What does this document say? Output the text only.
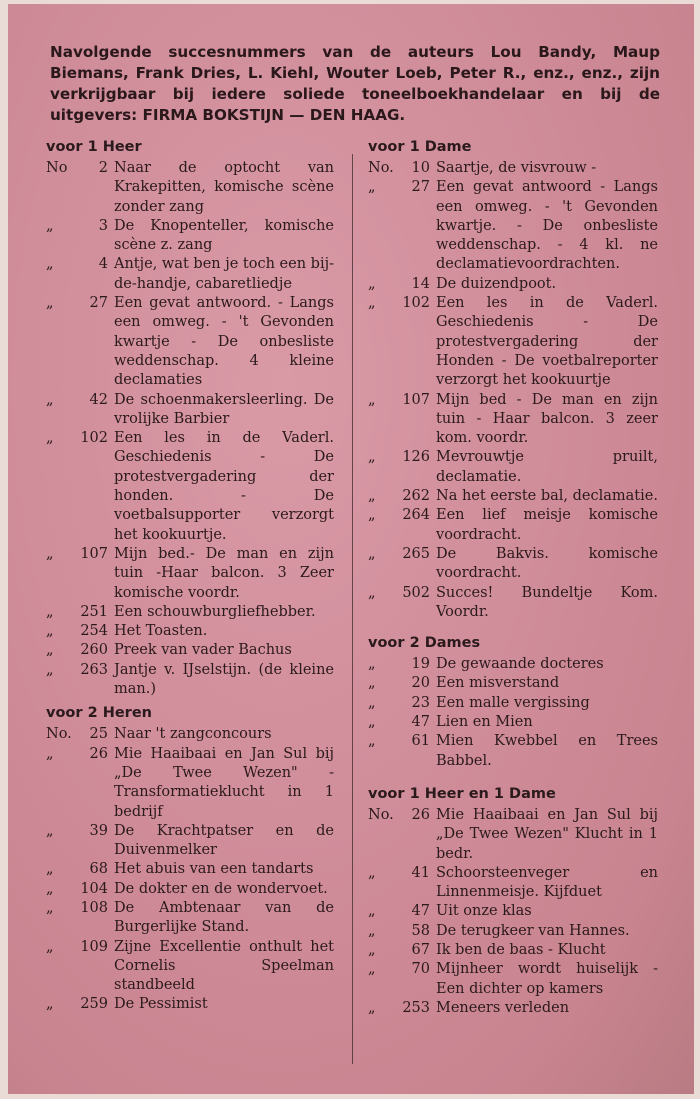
Navolgende succesnummers van de auteurs Lou Bandy, Maup Biemans, Frank Dries, L. Kiehl, Wouter Loeb, Peter R., enz., enz., zijn verkrijgbaar bij iedere soliede toneelboekhandelaar en bij de uitgevers: FIRMA BOKSTIJN — DEN HAAG.
voor 1 Heer
No	2 Naar de optocht van Krakepitten, komische scène zonder zang
„	3 De Knopenteller, komische scène z. zang
„	4 Antje, wat ben je toch een bij-de-handje, cabaretliedje
„	27 Een gevat antwoord. - Langs een omweg. - 't Gevonden kwartje - De onbesliste weddenschap. 4 kleine declamaties
„	42 De schoenmakersleerling. De vrolijke Barbier
„	102 Een les in de Vaderl. Geschiedenis - De protestvergadering der honden. - De voetbalsupporter verzorgt het kookuurtje.
„	107 Mijn bed.- De man en zijn tuin -Haar balcon. 3 Zeer komische voordr.
„	251 Een schouwburgliefhebber.
„	254 Het Toasten.
„	260 Preek van vader Bachus
„	263 Jantje v. IJselstijn. (de kleine man.)
voor 2 Heren
No.	25 Naar 't zangconcours
„	26 Mie Haaibaai en Jan Sul bij „De Twee Wezen" - Transformatieklucht in 1 bedrijf
„	39 De Krachtpatser en de Duivenmelker
„	68 Het abuis van een tandarts
„	104 De dokter en de wondervoet.
„	108 De Ambtenaar van de Burgerlijke Stand.
„	109 Zijne Excellentie onthult het Cornelis Speelman standbeeld
„	259 De Pessimist
voor 1 Dame
No.	10 Saartje, de visvrouw -
„	27 Een gevat antwoord - Langs een omweg. - 't Gevonden kwartje. - De onbesliste weddenschap. - 4 kl. ne declamatievoordrachten.
„	14 De duizendpoot.
„	102 Een les in de Vaderl. Geschiedenis - De protestvergadering der Honden - De voetbalreporter verzorgt het kookuurtje
„	107 Mijn bed - De man en zijn tuin - Haar balcon. 3 zeer kom. voordr.
„	126 Mevrouwtje pruilt, declamatie.
„	262 Na het eerste bal, declamatie.
„	264 Een lief meisje komische voordracht.
„	265 De Bakvis. komische voordracht.
„	502 Succes! Bundeltje Kom. Voordr.
voor 2 Dames
„	19 De gewaande docteres
„	20 Een misverstand
„	23 Een malle vergissing
„	47 Lien en Mien
„	61 Mien Kwebbel en Trees Babbel.
voor 1 Heer en 1 Dame
No.	26 Mie Haaibaai en Jan Sul bij „De Twee Wezen" Klucht in 1 bedr.
„	41 Schoorsteenveger en Linnenmeisje. Kijfduet
„	47 Uit onze klas
„	58 De terugkeer van Hannes.
„	67 Ik ben de baas - Klucht
„	70 Mijnheer wordt huiselijk - Een dichter op kamers
„	253 Meneers verleden
